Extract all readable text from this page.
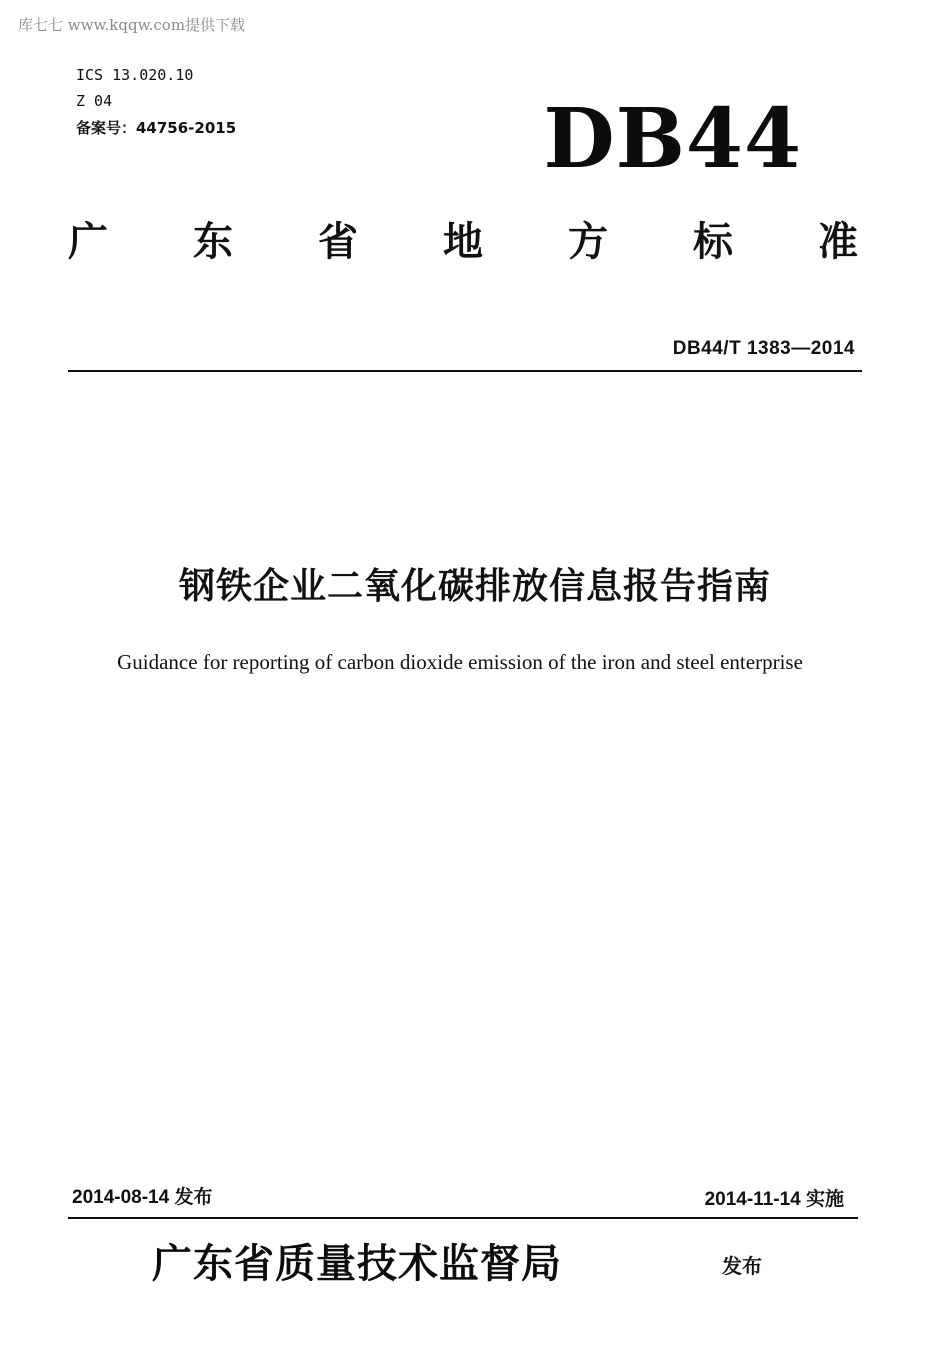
库七七 www.kqqw.com提供下载
ICS 13.020.10
Z 04
备案号：44756-2015	DB44
广 东 省 地 方 标 准
DB44/T 1383—2014
钢铁企业二氧化碳排放信息报告指南
Guidance for reporting of carbon dioxide emission of the iron and steel enterprise
2014-08-14 发布	2014-11-14 实施
广东省质量技术监督局	发布
